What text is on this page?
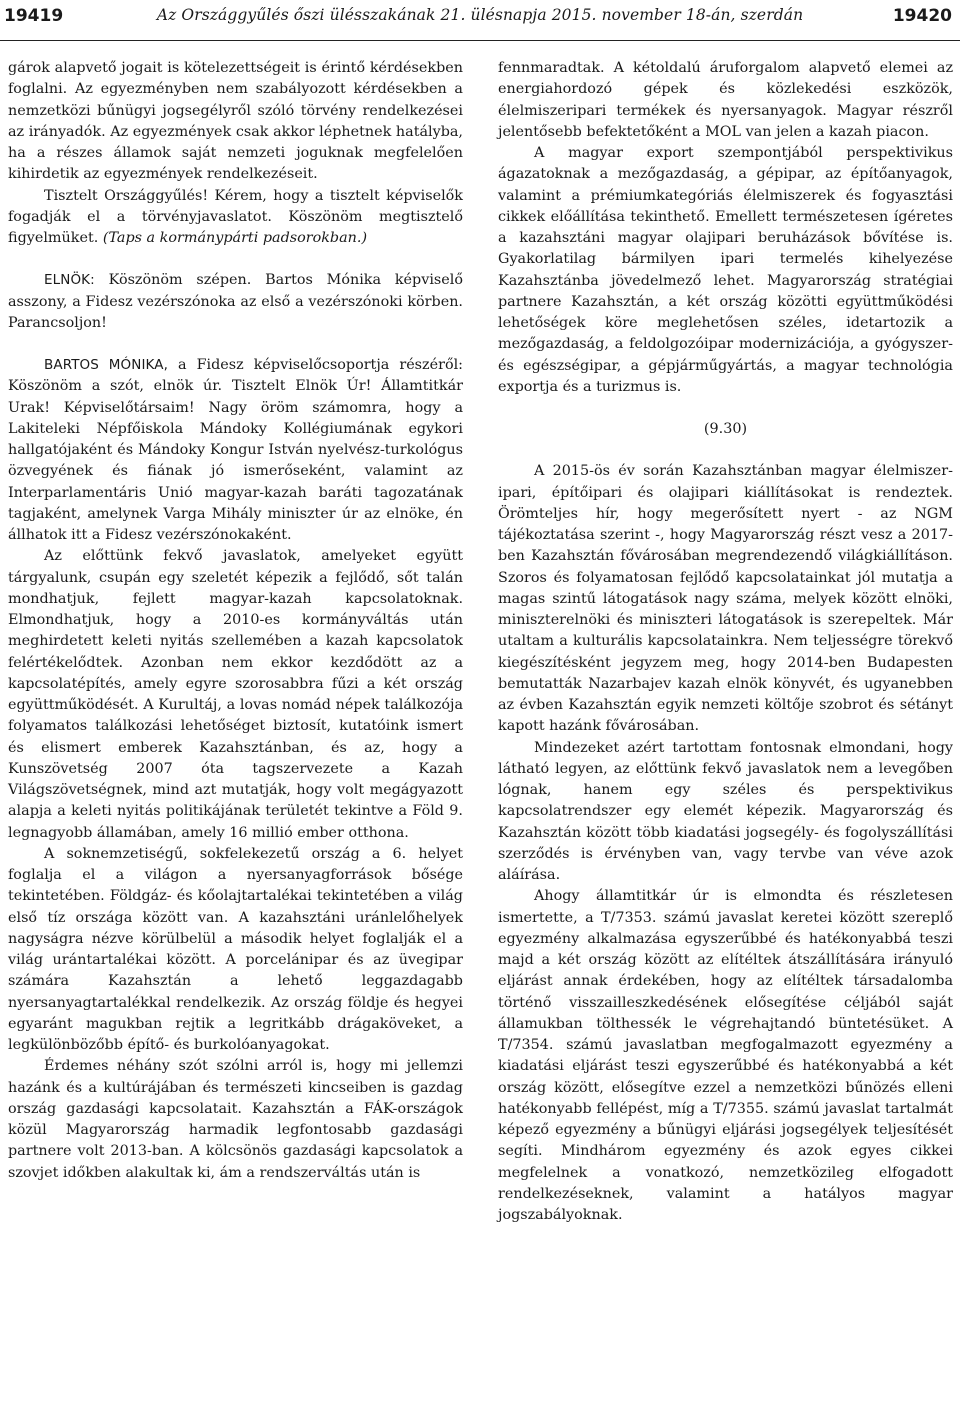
19419	Az Országgyűlés őszi ülésszakának 21. ülésnapja 2015. november 18-án, szerdán	19420

gárok alapvető jogait is kötelezettségeit is érintő kérdésekben foglalni. Az egyezményben nem szabályozott kérdésekben a nemzetközi bűnügyi jogsegélyről szóló törvény rendelkezései az irányadók. Az egyezmények csak akkor léphetnek hatályba, ha a részes államok saját nemzeti joguknak megfelelően kihirdetik az egyezmények rendelkezéseit.

Tisztelt Országgyűlés! Kérem, hogy a tisztelt képviselők fogadják el a törvényjavaslatot. Köszönöm megtisztelő figyelmüket. (Taps a kormánypárti padsorokban.)

ELNÖK: Köszönöm szépen. Bartos Mónika képviselő asszony, a Fidesz vezérszónoka az első a vezérszónoki körben. Parancsoljon!

BARTOS MÓNIKA, a Fidesz képviselőcsoportja részéről: Köszönöm a szót, elnök úr. Tisztelt Elnök Úr! Államtitkár Urak! Képviselőtársaim! Nagy öröm számomra, hogy a Lakiteleki Népfőiskola Mándoky Kollégiumának egykori hallgatójaként és Mándoky Kongur István nyelvész-turkológus özvegyének és fiának jó ismerőseként, valamint az Interparlamentáris Unió magyar-kazah baráti tagozatának tagjaként, amelynek Varga Mihály miniszter úr az elnöke, én állhatok itt a Fidesz vezérszónokaként.

Az előttünk fekvő javaslatok, amelyeket együtt tárgyalunk, csupán egy szeletét képezik a fejlődő, sőt talán mondhatjuk, fejlett magyar-kazah kapcsolatoknak. Elmondhatjuk, hogy a 2010-es kormányváltás után meghirdetett keleti nyitás szellemében a kazah kapcsolatok felértékelődtek. Azonban nem ekkor kezdődött az a kapcsolatépítés, amely egyre szorosabbra fűzi a két ország együttműködését. A Kurultáj, a lovas nomád népek találkozója folyamatos találkozási lehetőséget biztosít, kutatóink ismert és elismert emberek Kazahsztánban, és az, hogy a Kunszövetség 2007 óta tagszervezete a Kazah Világszövetségnek, mind azt mutatják, hogy volt megágyazott alapja a keleti nyitás politikájának területét tekintve a Föld 9. legnagyobb államában, amely 16 millió ember otthona.

A soknemzetiségű, sokfelekezetű ország a 6. helyet foglalja el a világon a nyersanyagforrások bősége tekintetében. Földgáz- és kőolajtartalékai tekintetében a világ első tíz országa között van. A kazahsztáni uránlelőhelyek nagyságra nézve körülbelül a második helyet foglalják el a világ urántartalékai között. A porcelánipar és az üvegipar számára Kazahsztán a lehető leggazdagabb nyersanyagtartalékkal rendelkezik. Az ország földje és hegyei egyaránt magukban rejtik a legritkább drágaköveket, a legkülönbözőbb építő- és burkolóanyagokat.

Érdemes néhány szót szólni arról is, hogy mi jellemzi hazánk és a kultúrájában és természeti kincseiben is gazdag ország gazdasági kapcsolatait. Kazahsztán a FÁK-országok közül Magyarország harmadik legfontosabb gazdasági partnere volt 2013-ban. A kölcsönös gazdasági kapcsolatok a szovjet időkben alakultak ki, ám a rendszerváltás után is

fennmaradtak. A kétoldalú áruforgalom alapvető elemei az energiahordozó gépek és közlekedési eszközök, élelmiszeripari termékek és nyersanyagok. Magyar részről jelentősebb befektetőként a MOL van jelen a kazah piacon.

A magyar export szempontjából perspektivikus ágazatoknak a mezőgazdaság, a gépipar, az építőanyagok, valamint a prémiumkategóriás élelmiszerek és fogyasztási cikkek előállítása tekinthető. Emellett természetesen ígéretes a kazahsztáni magyar olajipari beruházások bővítése is. Gyakorlatilag bármilyen ipari termelés kihelyezése Kazahsztánba jövedelmező lehet. Magyarország stratégiai partnere Kazahsztán, a két ország közötti együttműködési lehetőségek köre meglehetősen széles, idetartozik a mezőgazdaság, a feldolgozóipar modernizációja, a gyógyszer- és egészségipar, a gépjárműgyártás, a magyar technológia exportja és a turizmus is.

(9.30)

A 2015-ös év során Kazahsztánban magyar élelmiszer-ipari, építőipari és olajipari kiállításokat is rendeztek. Örömteljes hír, hogy megerősített nyert - az NGM tájékoztatása szerint -, hogy Magyarország részt vesz a 2017-ben Kazahsztán fővárosában megrendezendő világkiállításon. Szoros és folyamatosan fejlődő kapcsolatainkat jól mutatja a magas szintű látogatások nagy száma, melyek között elnöki, miniszterelnöki és miniszteri látogatások is szerepeltek. Már utaltam a kulturális kapcsolatainkra. Nem teljességre törekvő kiegészítésként jegyzem meg, hogy 2014-ben Budapesten bemutatták Nazarbajev kazah elnök könyvét, és ugyanebben az évben Kazahsztán egyik nemzeti költője szobrot és sétányt kapott hazánk fővárosában.

Mindezeket azért tartottam fontosnak elmondani, hogy látható legyen, az előttünk fekvő javaslatok nem a levegőben lógnak, hanem egy széles és perspektivikus kapcsolatrendszer egy elemét képezik. Magyarország és Kazahsztán között több kiadatási jogsegély- és fogolyszállítási szerződés is érvényben van, vagy tervbe van véve azok aláírása.

Ahogy államtitkár úr is elmondta és részletesen ismertette, a T/7353. számú javaslat keretei között szereplő egyezmény alkalmazása egyszerűbbé és hatékonyabbá teszi majd a két ország között az elítéltek átszállítására irányuló eljárást annak érdekében, hogy az elítéltek társadalomba történő visszailleszkedésének elősegítése céljából saját államukban tölthessék le végrehajtandó büntetésüket. A T/7354. számú javaslatban megfogalmazott egyezmény a kiadatási eljárást teszi egyszerűbbé és hatékonyabbá a két ország között, elősegítve ezzel a nemzetközi bűnözés elleni hatékonyabb fellépést, míg a T/7355. számú javaslat tartalmát képező egyezmény a bűnügyi eljárási jogsegélyek teljesítését segíti. Mindhárom egyezmény és azok egyes cikkei megfelelnek a vonatkozó, nemzetközileg elfogadott rendelkezéseknek, valamint a hatályos magyar jogszabályoknak.
